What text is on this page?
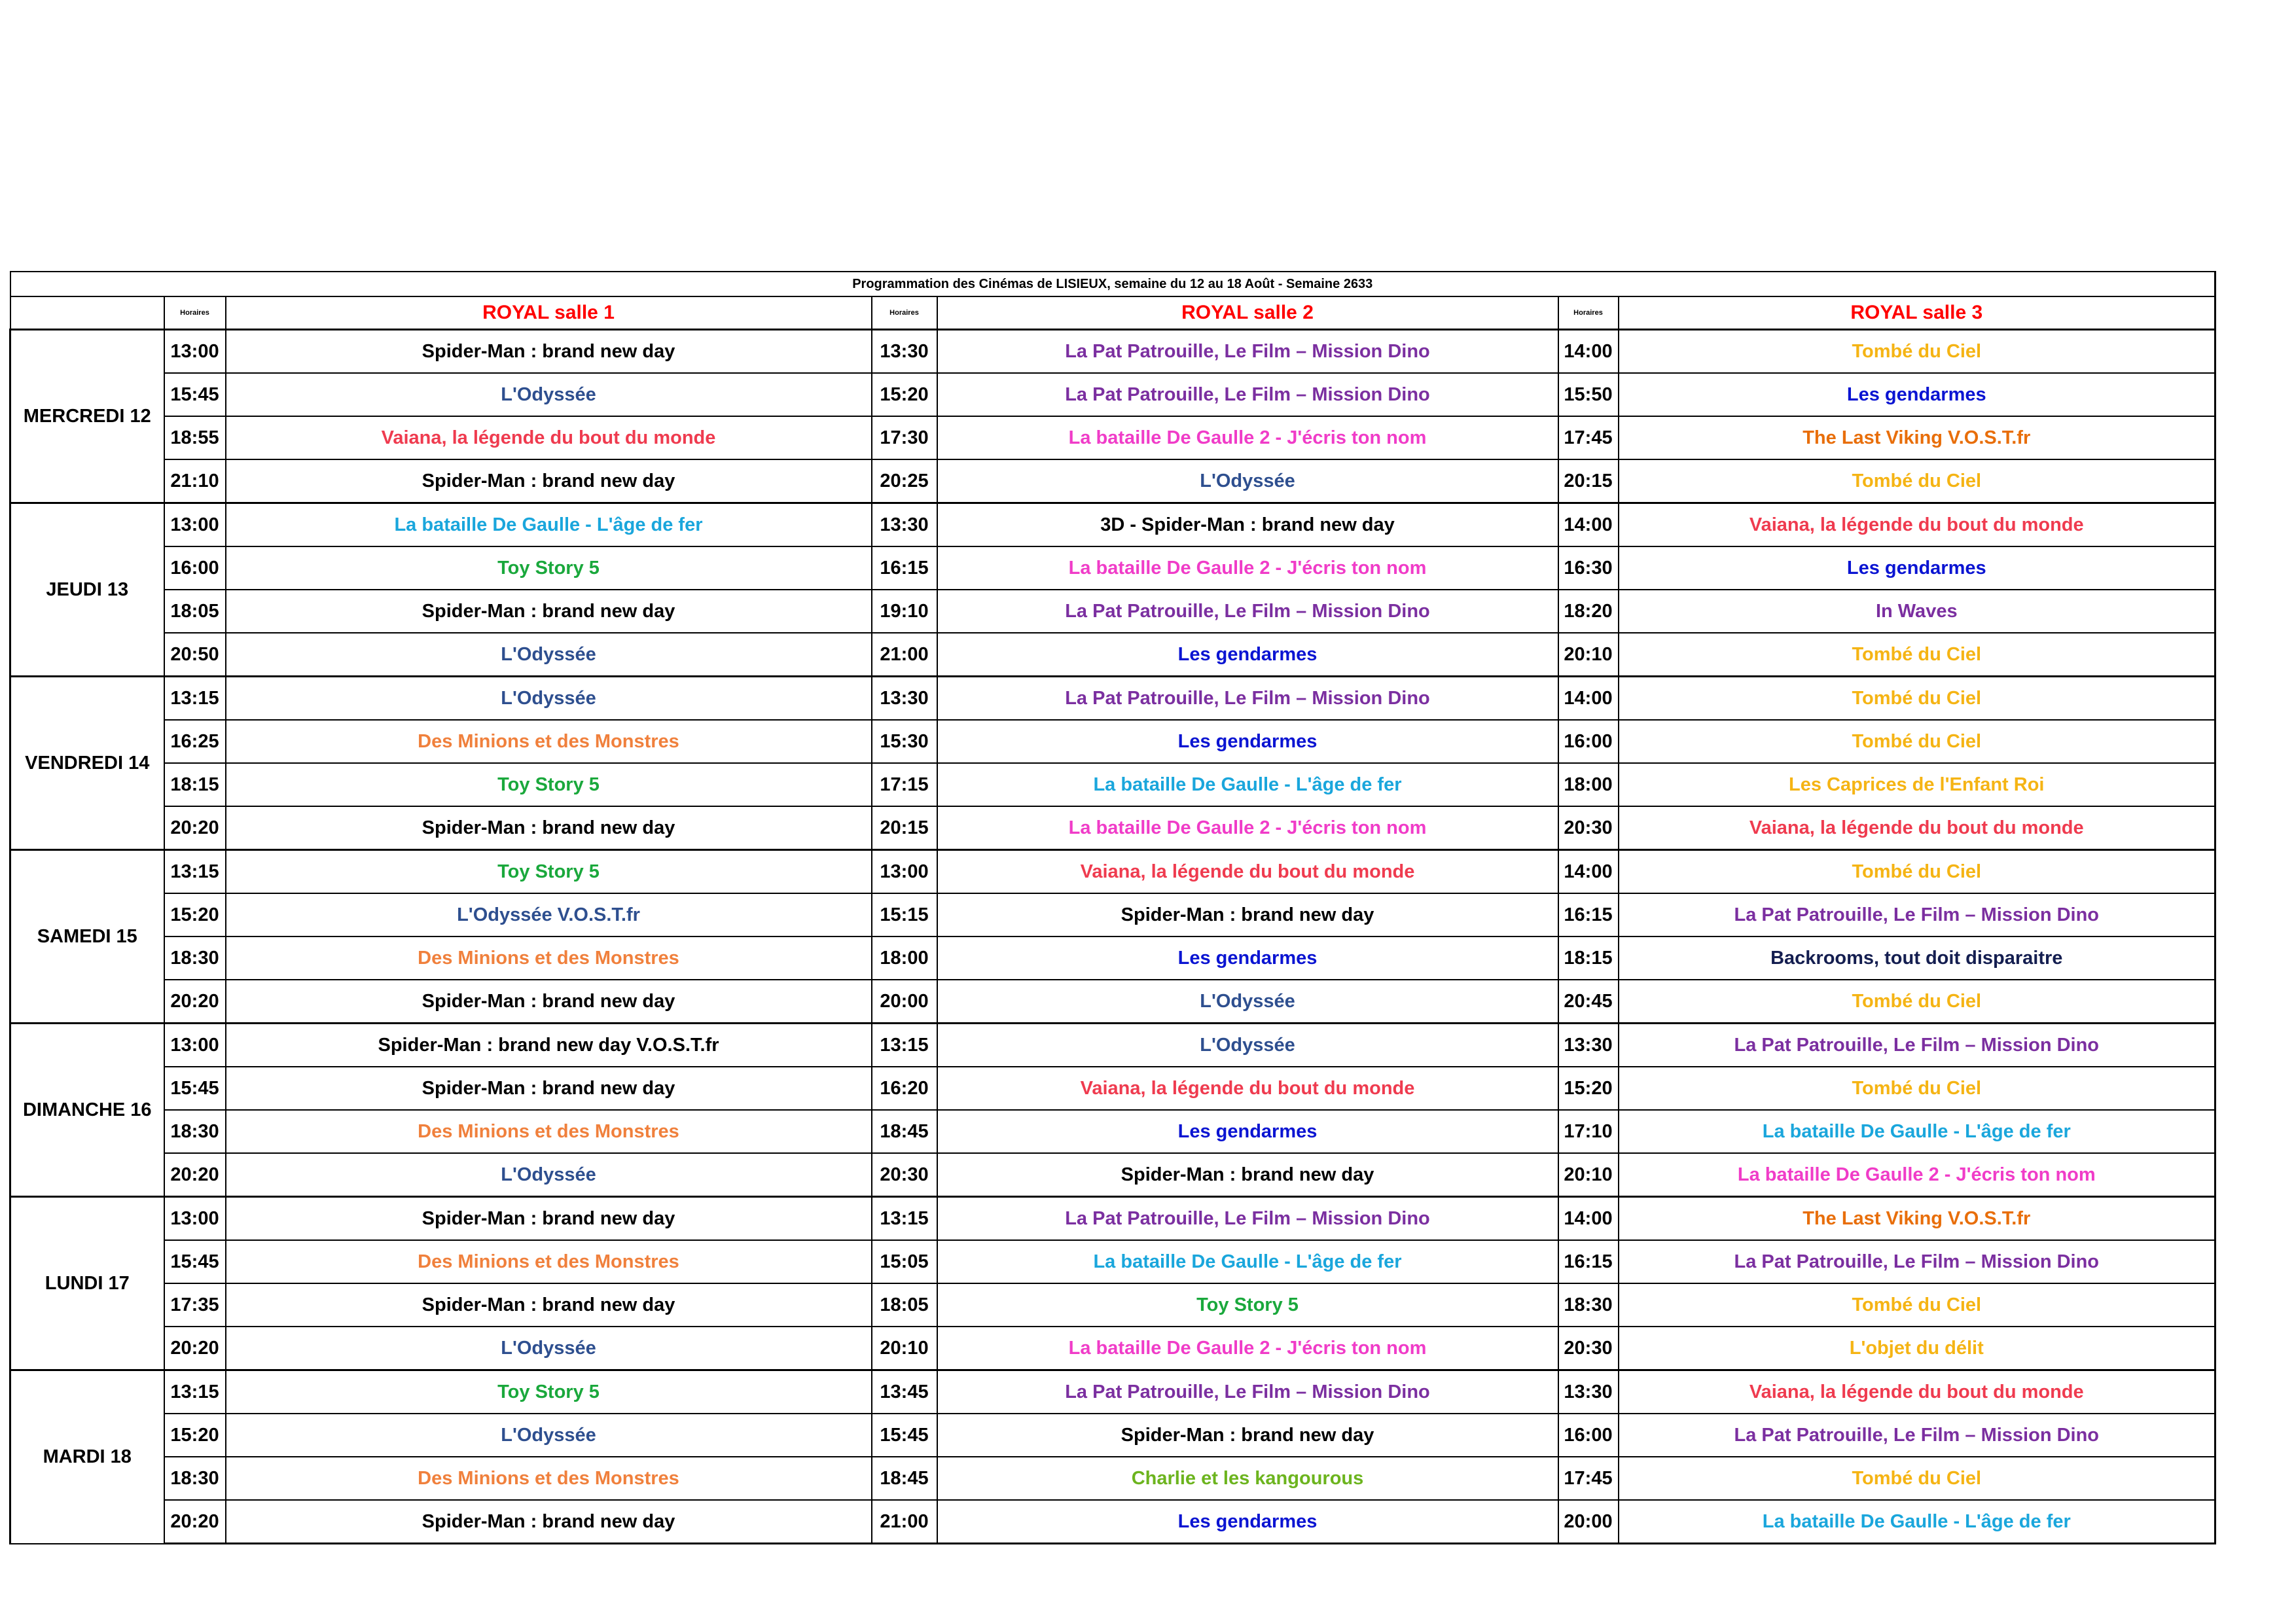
Programmation des Cinémas de LISIEUX, semaine du 12 au 18 Août - Semaine 2633						
	Horaires	ROYAL salle 1	Horaires	ROYAL salle 2	Horaires	ROYAL salle 3
MERCREDI 12	13:00	Spider-Man : brand new day	13:30	La Pat Patrouille, Le Film – Mission Dino	14:00	Tombé du Ciel
	15:45	L'Odyssée	15:20	La Pat Patrouille, Le Film – Mission Dino	15:50	Les gendarmes
	18:55	Vaiana, la légende du bout du monde	17:30	La bataille De Gaulle 2 - J'écris ton nom	17:45	The Last Viking V.O.S.T.fr
	21:10	Spider-Man : brand new day	20:25	L'Odyssée	20:15	Tombé du Ciel
JEUDI 13	13:00	La bataille De Gaulle - L'âge de fer	13:30	3D - Spider-Man : brand new day	14:00	Vaiana, la légende du bout du monde
	16:00	Toy Story 5	16:15	La bataille De Gaulle 2 - J'écris ton nom	16:30	Les gendarmes
	18:05	Spider-Man : brand new day	19:10	La Pat Patrouille, Le Film – Mission Dino	18:20	In Waves
	20:50	L'Odyssée	21:00	Les gendarmes	20:10	Tombé du Ciel
VENDREDI 14	13:15	L'Odyssée	13:30	La Pat Patrouille, Le Film – Mission Dino	14:00	Tombé du Ciel
	16:25	Des Minions et des Monstres	15:30	Les gendarmes	16:00	Tombé du Ciel
	18:15	Toy Story 5	17:15	La bataille De Gaulle - L'âge de fer	18:00	Les Caprices de l'Enfant Roi
	20:20	Spider-Man : brand new day	20:15	La bataille De Gaulle 2 - J'écris ton nom	20:30	Vaiana, la légende du bout du monde
SAMEDI 15	13:15	Toy Story 5	13:00	Vaiana, la légende du bout du monde	14:00	Tombé du Ciel
	15:20	L'Odyssée V.O.S.T.fr	15:15	Spider-Man : brand new day	16:15	La Pat Patrouille, Le Film – Mission Dino
	18:30	Des Minions et des Monstres	18:00	Les gendarmes	18:15	Backrooms, tout doit disparaitre
	20:20	Spider-Man : brand new day	20:00	L'Odyssée	20:45	Tombé du Ciel
DIMANCHE 16	13:00	Spider-Man : brand new day V.O.S.T.fr	13:15	L'Odyssée	13:30	La Pat Patrouille, Le Film – Mission Dino
	15:45	Spider-Man : brand new day	16:20	Vaiana, la légende du bout du monde	15:20	Tombé du Ciel
	18:30	Des Minions et des Monstres	18:45	Les gendarmes	17:10	La bataille De Gaulle - L'âge de fer
	20:20	L'Odyssée	20:30	Spider-Man : brand new day	20:10	La bataille De Gaulle 2 - J'écris ton nom
LUNDI 17	13:00	Spider-Man : brand new day	13:15	La Pat Patrouille, Le Film – Mission Dino	14:00	The Last Viking V.O.S.T.fr
	15:45	Des Minions et des Monstres	15:05	La bataille De Gaulle - L'âge de fer	16:15	La Pat Patrouille, Le Film – Mission Dino
	17:35	Spider-Man : brand new day	18:05	Toy Story 5	18:30	Tombé du Ciel
	20:20	L'Odyssée	20:10	La bataille De Gaulle 2 - J'écris ton nom	20:30	L'objet du délit
MARDI 18	13:15	Toy Story 5	13:45	La Pat Patrouille, Le Film – Mission Dino	13:30	Vaiana, la légende du bout du monde
	15:20	L'Odyssée	15:45	Spider-Man : brand new day	16:00	La Pat Patrouille, Le Film – Mission Dino
	18:30	Des Minions et des Monstres	18:45	Charlie et les kangourous	17:45	Tombé du Ciel
	20:20	Spider-Man : brand new day	21:00	Les gendarmes	20:00	La bataille De Gaulle - L'âge de fer
